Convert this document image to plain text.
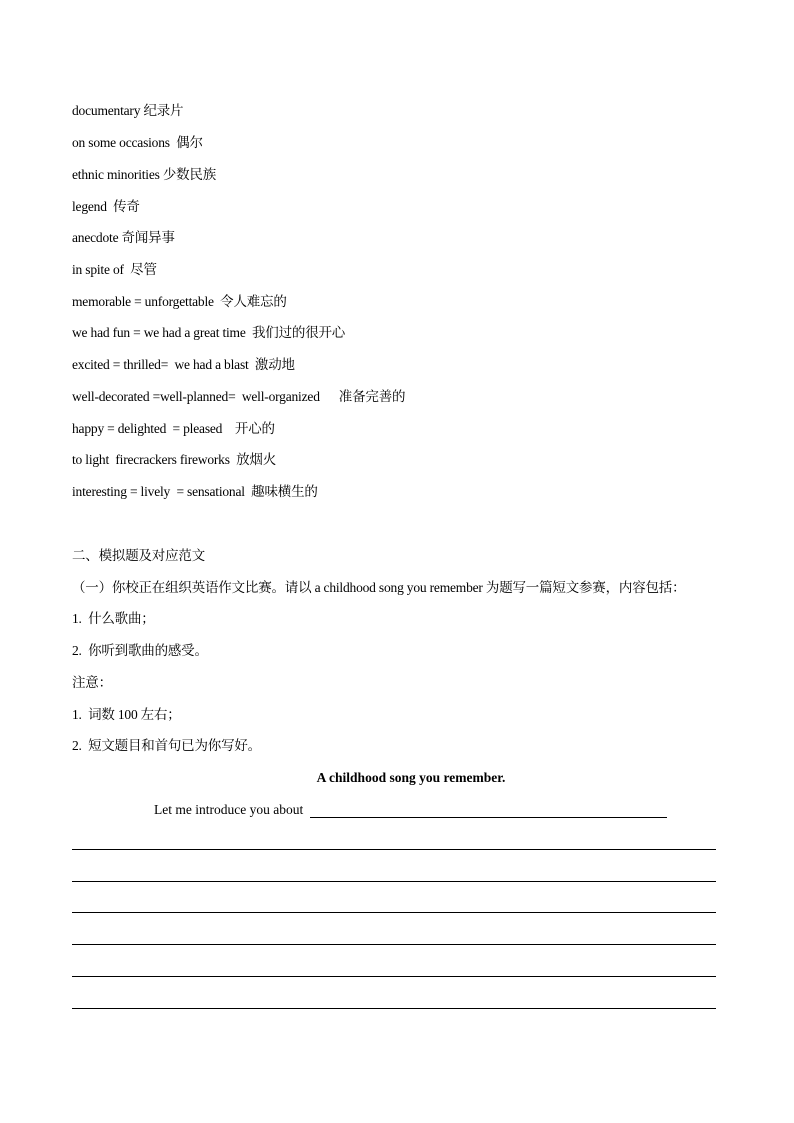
documentary 纪录片
on some occasions  偶尔
ethnic minorities 少数民族
legend  传奇
anecdote 奇闻异事
in spite of  尽管
memorable = unforgettable  令人难忘的
we had fun = we had a great time  我们过的很开心
excited = thrilled=  we had a blast  激动地
well-decorated =well-planned=  well-organized      准备完善的
happy = delighted  = pleased    开心的
to light  firecrackers fireworks  放烟火
interesting = lively  = sensational  趣味横生的
二、模拟题及对应范文
（一）你校正在组织英语作文比赛。请以 a childhood song you remember 为题写一篇短文参赛，内容包括：
1.  什么歌曲；
2.  你听到歌曲的感受。
注意：
1.  词数 100 左右；
2.  短文题目和首句已为你写好。
A childhood song you remember.
Let me introduce you about
